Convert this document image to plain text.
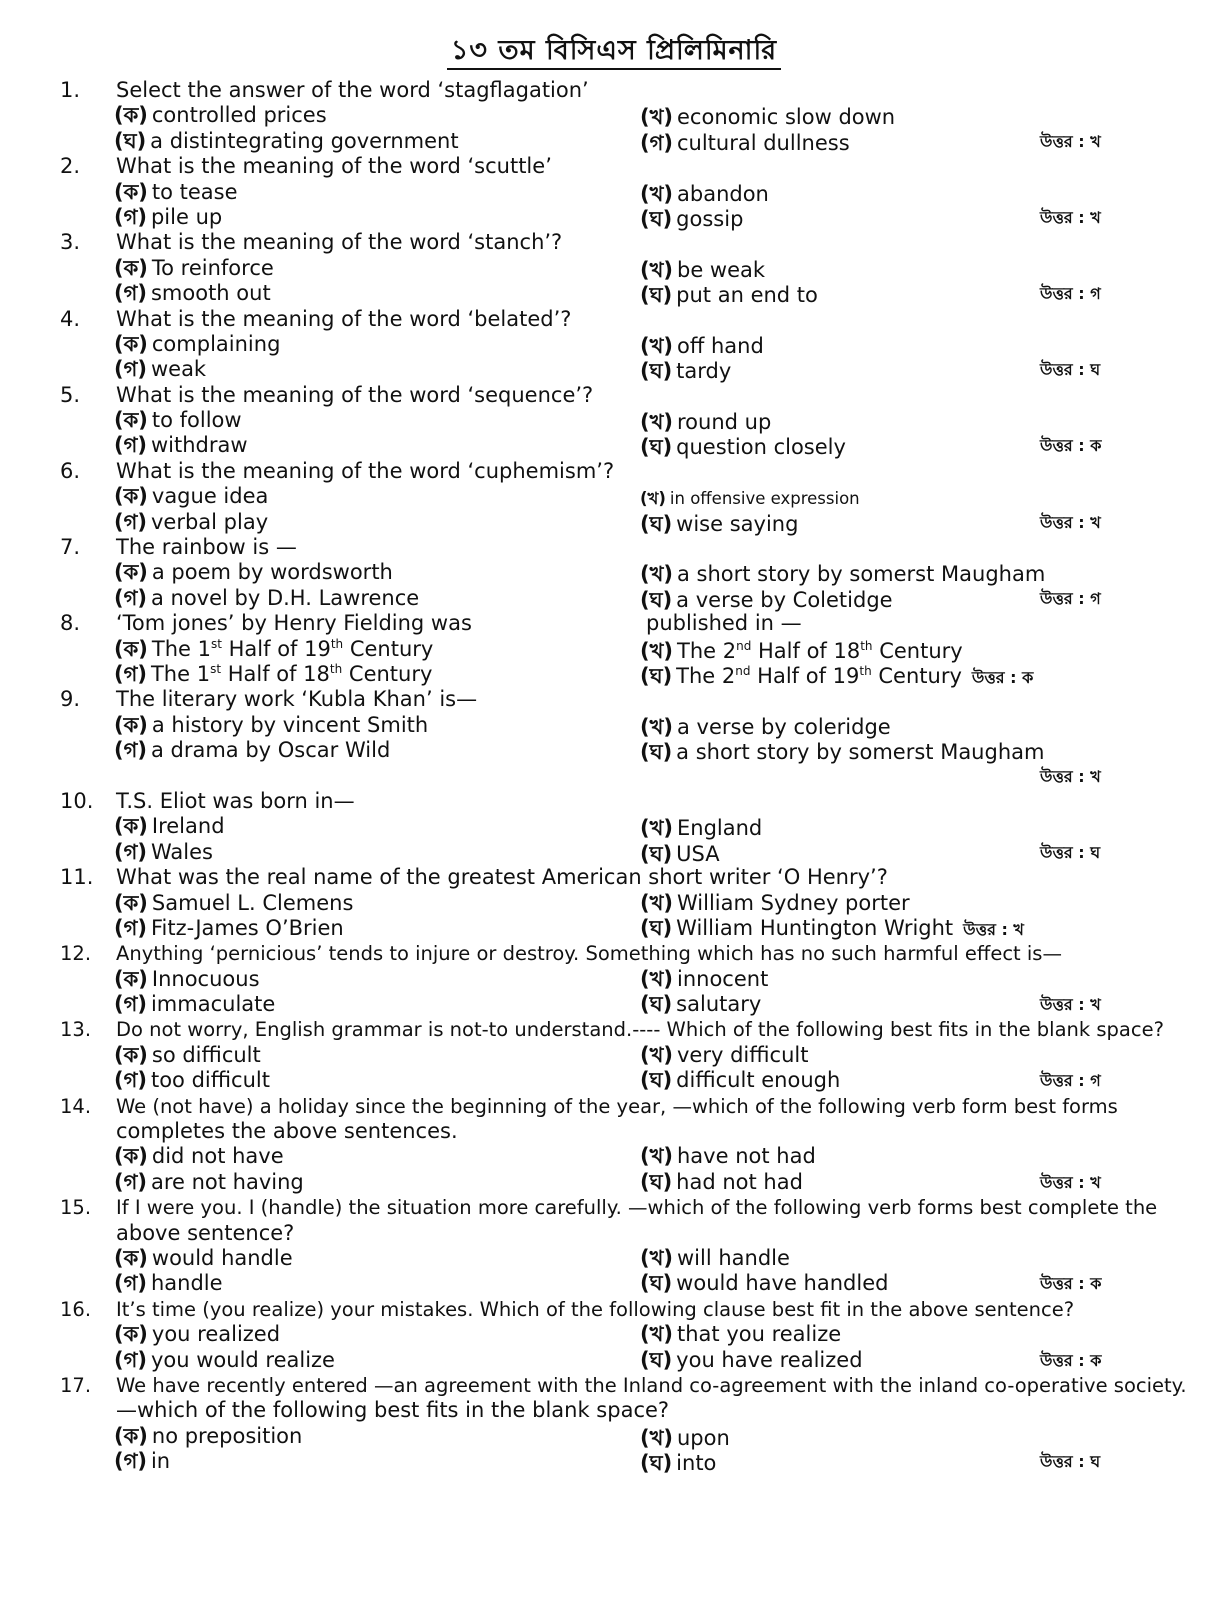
১৩ তম বিসিএস প্রিলিমিনারি
1.	Select the answer of the word ‘stagflagation’
(ক) controlled prices	(খ) economic slow down
(ঘ) a distintegrating government	(গ) cultural dullness	উত্তর : খ
2.	What is the meaning of the word ‘scuttle’
(ক) to tease	(খ) abandon
(গ) pile up	(ঘ) gossip	উত্তর : খ
3.	What is the meaning of the word ‘stanch’?
(ক) To reinforce	(খ) be weak
(গ) smooth out	(ঘ) put an end to	উত্তর : গ
4.	What is the meaning of the word ‘belated’?
(ক) complaining	(খ) off hand
(গ) weak	(ঘ) tardy	উত্তর : ঘ
5.	What is the meaning of the word ‘sequence’?
(ক) to follow	(খ) round up
(গ) withdraw	(ঘ) question closely	উত্তর : ক
6.	What is the meaning of the word ‘cuphemism’?
(ক) vague idea	(খ) in offensive expression
(গ) verbal play	(ঘ) wise saying	উত্তর : খ
7.	The rainbow is —
(ক) a poem by wordsworth	(খ) a short story by somerst Maugham
(গ) a novel by D.H. Lawrence	(ঘ) a verse by Coletidge	উত্তর : গ
8. ‘Tom jones’ by Henry Fielding was	published in —
(ক) The 1st Half of 19th Century	(খ) The 2nd Half of 18th Century
(গ) The 1st Half of 18th Century	(ঘ) The 2nd Half of 19th Century উত্তর : ক
9.	The literary work ‘Kubla Khan’ is—
(ক) a history by vincent Smith	(খ) a verse by coleridge
(গ) a drama by Oscar Wild	(ঘ) a short story by somerst Maugham
উত্তর : খ
10.	T.S. Eliot was born in—
(ক) Ireland	(খ) England
(গ) Wales	(ঘ) USA	উত্তর : ঘ
11.	What was the real name of the greatest American short writer ‘O Henry’?
(ক) Samuel L. Clemens	(খ) William Sydney porter
(গ) Fitz-James O’Brien	(ঘ) William Huntington Wright উত্তর : খ
12.	Anything ‘pernicious’ tends to injure or destroy. Something which has no such harmful effect is—
(ক) Innocuous	(খ) innocent
(গ) immaculate	(ঘ) salutary	উত্তর : খ
13.	Do not worry, English grammar is not-to understand.---- Which of the following best fits in the blank space?
(ক) so difficult	(খ) very difficult
(গ) too difficult	(ঘ) difficult enough	উত্তর : গ
14.	We (not have) a holiday since the beginning of the year, —which of the following verb form best forms
completes the above sentences.
(ক) did not have	(খ) have not had
(গ) are not having	(ঘ) had not had	উত্তর : খ
15.	If I were you. I (handle) the situation more carefully. —which of the following verb forms best complete the
above sentence?
(ক) would handle	(খ) will handle
(গ) handle	(ঘ) would have handled	উত্তর : ক
16.	It’s time (you realize) your mistakes. Which of the following clause best fit in the above sentence?
(ক) you realized	(খ) that you realize
(গ) you would realize	(ঘ) you have realized	উত্তর : ক
17.	We have recently entered —an agreement with the Inland co-agreement with the inland co-operative society.
—which of the following best fits in the blank space?
(ক) no preposition	(খ) upon
(গ) in	(ঘ) into	উত্তর : ঘ
